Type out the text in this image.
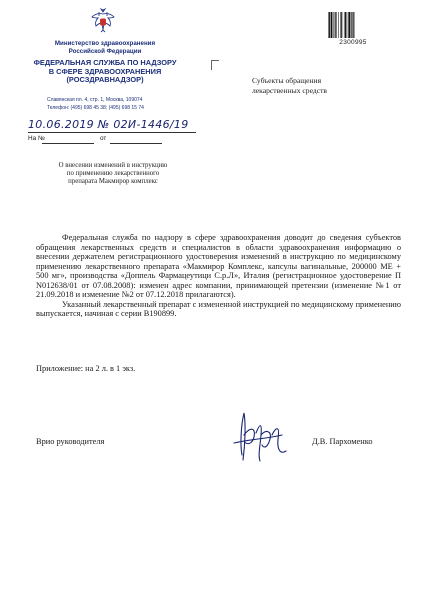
2300995
Министерство здравоохранения
Российской Федерации
ФЕДЕРАЛЬНАЯ СЛУЖБА ПО НАДЗОРУ
В СФЕРЕ ЗДРАВООХРАНЕНИЯ
(РОСЗДРАВНАДЗОР)
Славянская пл. 4, стр. 1, Москва, 109074
Телефон: (495) 698 45 38; (495) 698 15 74
Субъекты обращения
лекарственных средств
10.06.2019 № 02И-1446/19
На №	от
О внесении изменений в инструкцию
по применению лекарственного
препарата Макмирор комплекс

Федеральная служба по надзору в сфере здравоохранения доводит до сведения субъектов обращения лекарственных средств и специалистов в области здравоохранения информацию о внесении держателем регистрационного удостоверения изменений в инструкцию по медицинскому применению лекарственного препарата «Макмирор Комплекс, капсулы вагинальные, 200000 МЕ + 500 мг», производства «Доппель Фармацеутици С.р.Л», Италия (регистрационное удостоверение П N012638/01 от 07.08.2008): изменен адрес компании, принимающей претензии (изменение №1 от 21.09.2018 и изменение №2 от 07.12.2018 прилагаются).

Указанный лекарственный препарат с измененной инструкцией по медицинскому применению выпускается, начиная с серии B190899.

Приложение: на 2 л. в 1 экз.
Врио руководителя	Д.В. Пархоменко
